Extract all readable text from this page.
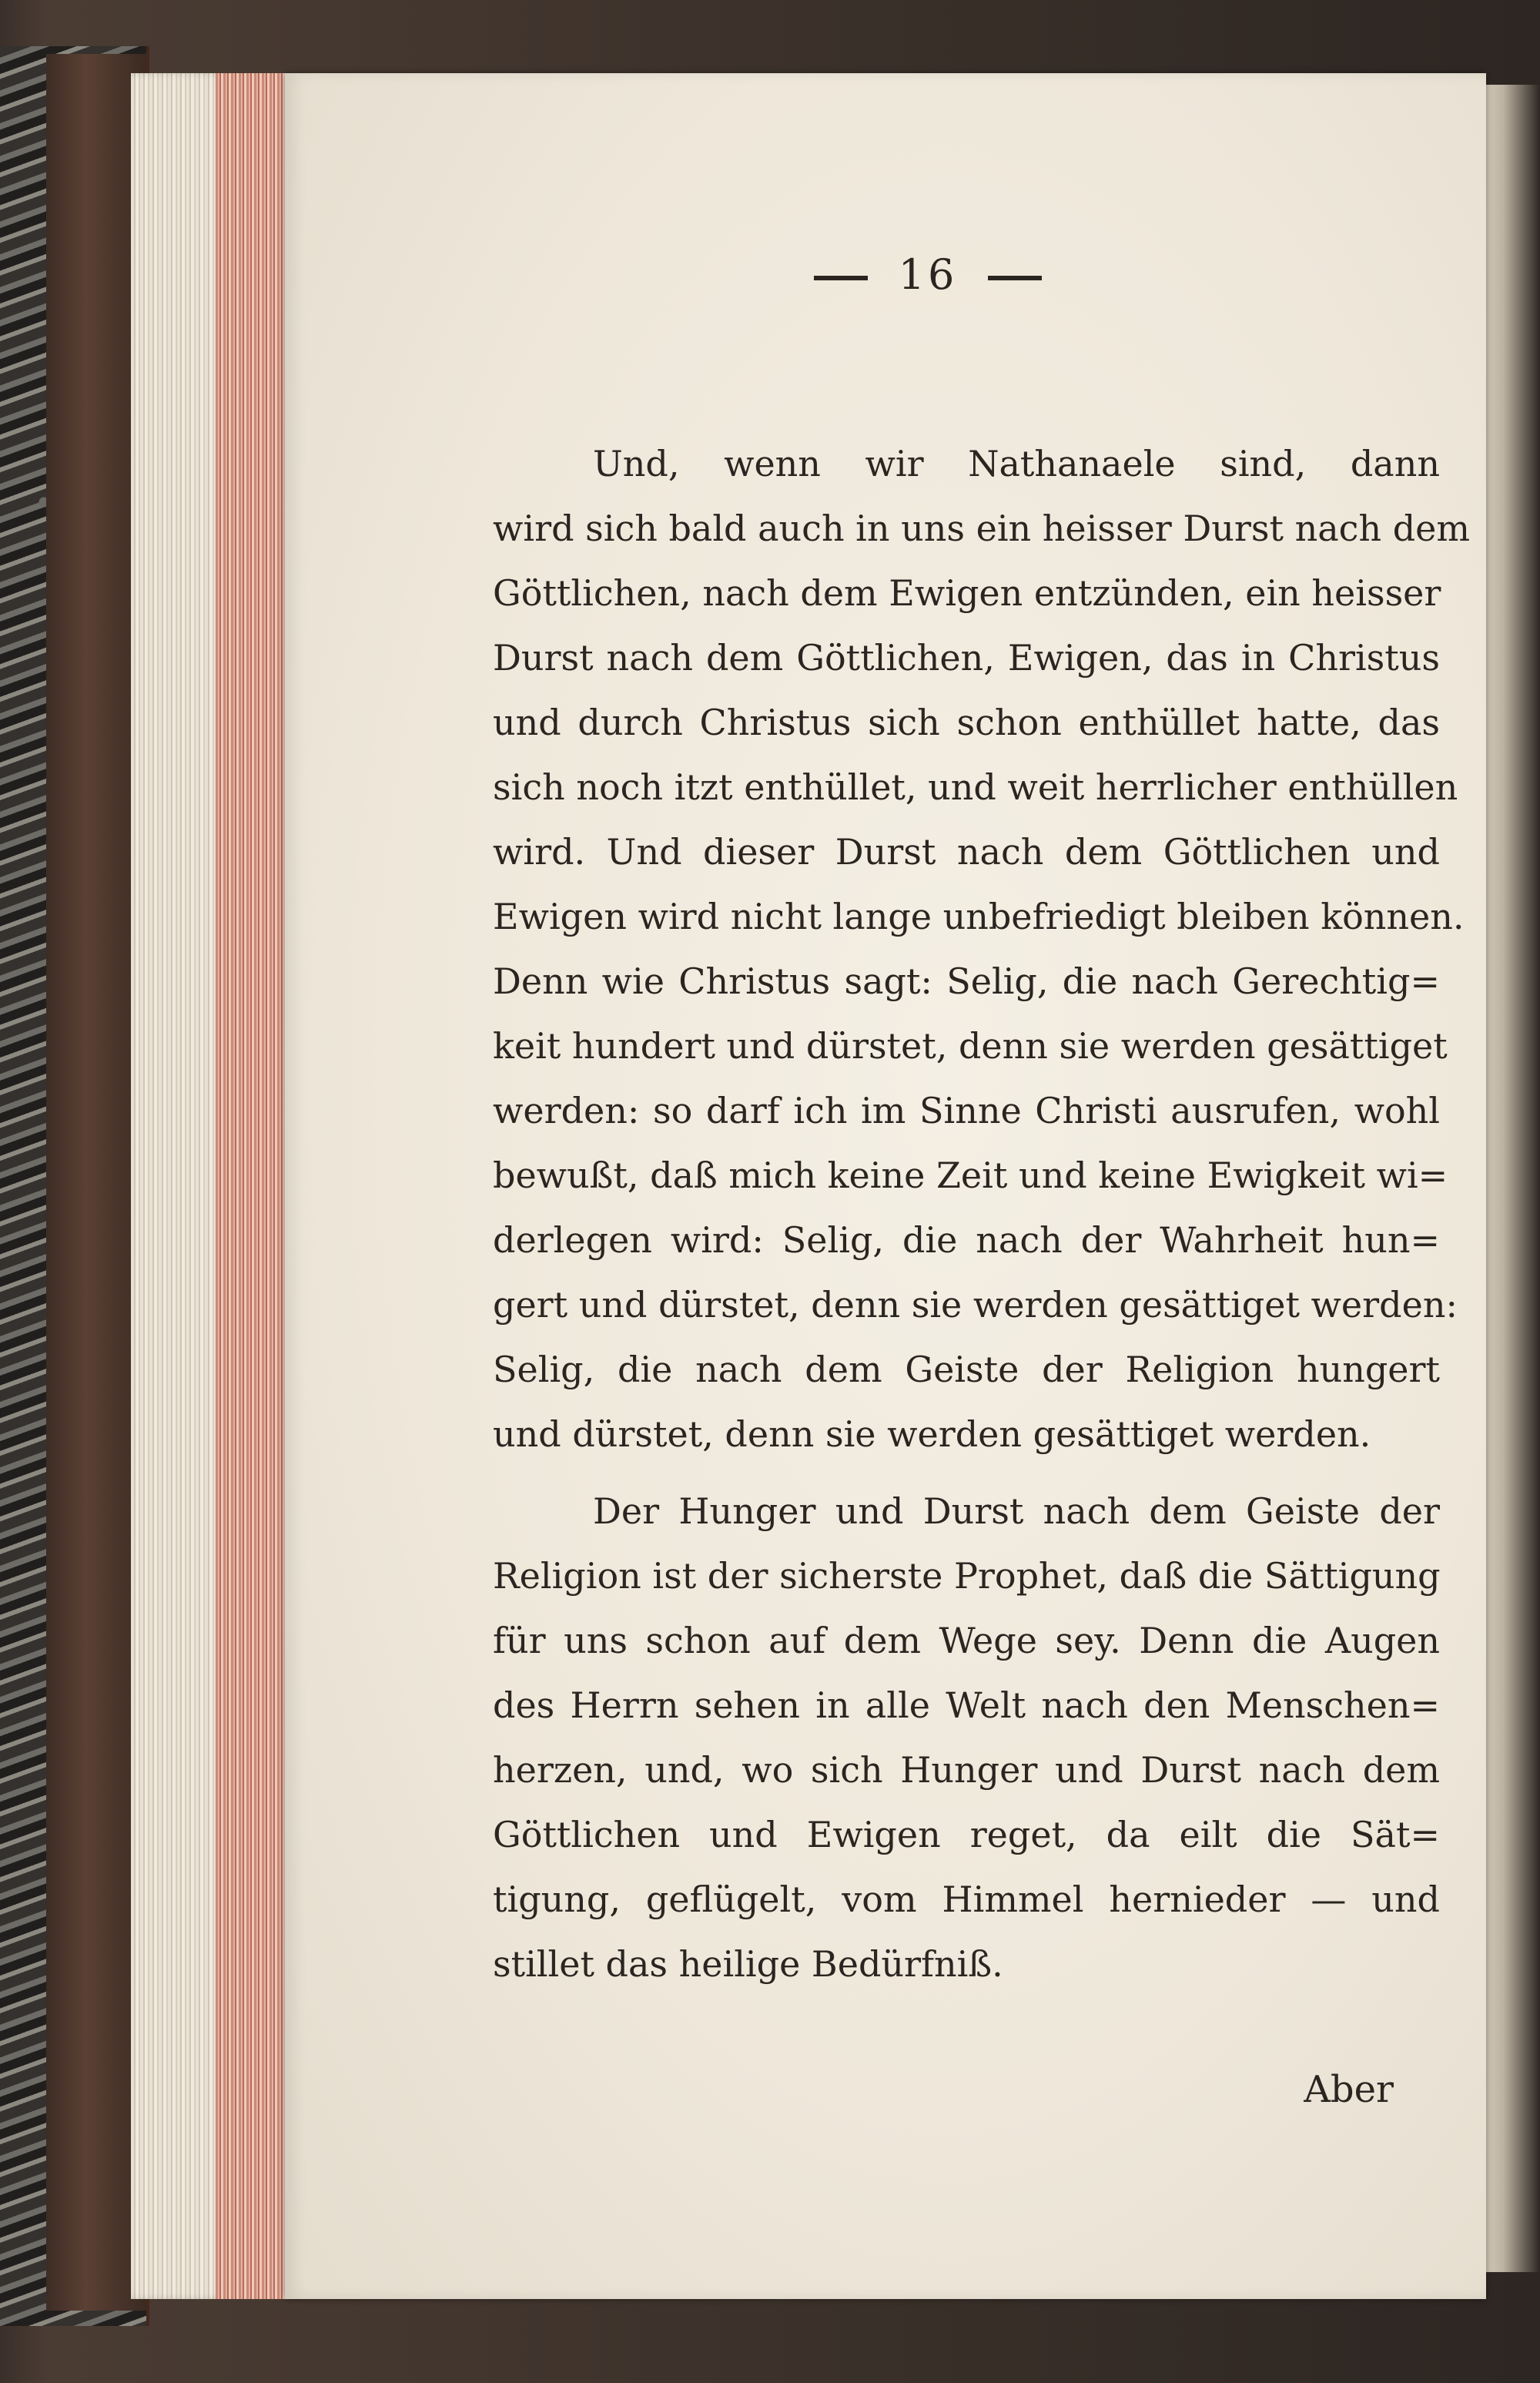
16
Und, wenn wir Nathanaele sind, dann
wird sich bald auch in uns ein heisser Durst nach dem
Göttlichen, nach dem Ewigen entzünden, ein heisser
Durst nach dem Göttlichen, Ewigen, das in Christus
und durch Christus sich schon enthüllet hatte, das
sich noch itzt enthüllet, und weit herrlicher enthüllen
wird. Und dieser Durst nach dem Göttlichen und
Ewigen wird nicht lange unbefriedigt bleiben können.
Denn wie Christus sagt: Selig, die nach Gerechtig=
keit hundert und dürstet, denn sie werden gesättiget
werden: so darf ich im Sinne Christi ausrufen, wohl
bewußt, daß mich keine Zeit und keine Ewigkeit wi=
derlegen wird: Selig, die nach der Wahrheit hun=
gert und dürstet, denn sie werden gesättiget werden:
Selig, die nach dem Geiste der Religion hungert
und dürstet, denn sie werden gesättiget werden.
Der Hunger und Durst nach dem Geiste der
Religion ist der sicherste Prophet, daß die Sättigung
für uns schon auf dem Wege sey. Denn die Augen
des Herrn sehen in alle Welt nach den Menschen=
herzen, und, wo sich Hunger und Durst nach dem
Göttlichen und Ewigen reget, da eilt die Sät=
tigung, geflügelt, vom Himmel hernieder — und
stillet das heilige Bedürfniß.
Aber
